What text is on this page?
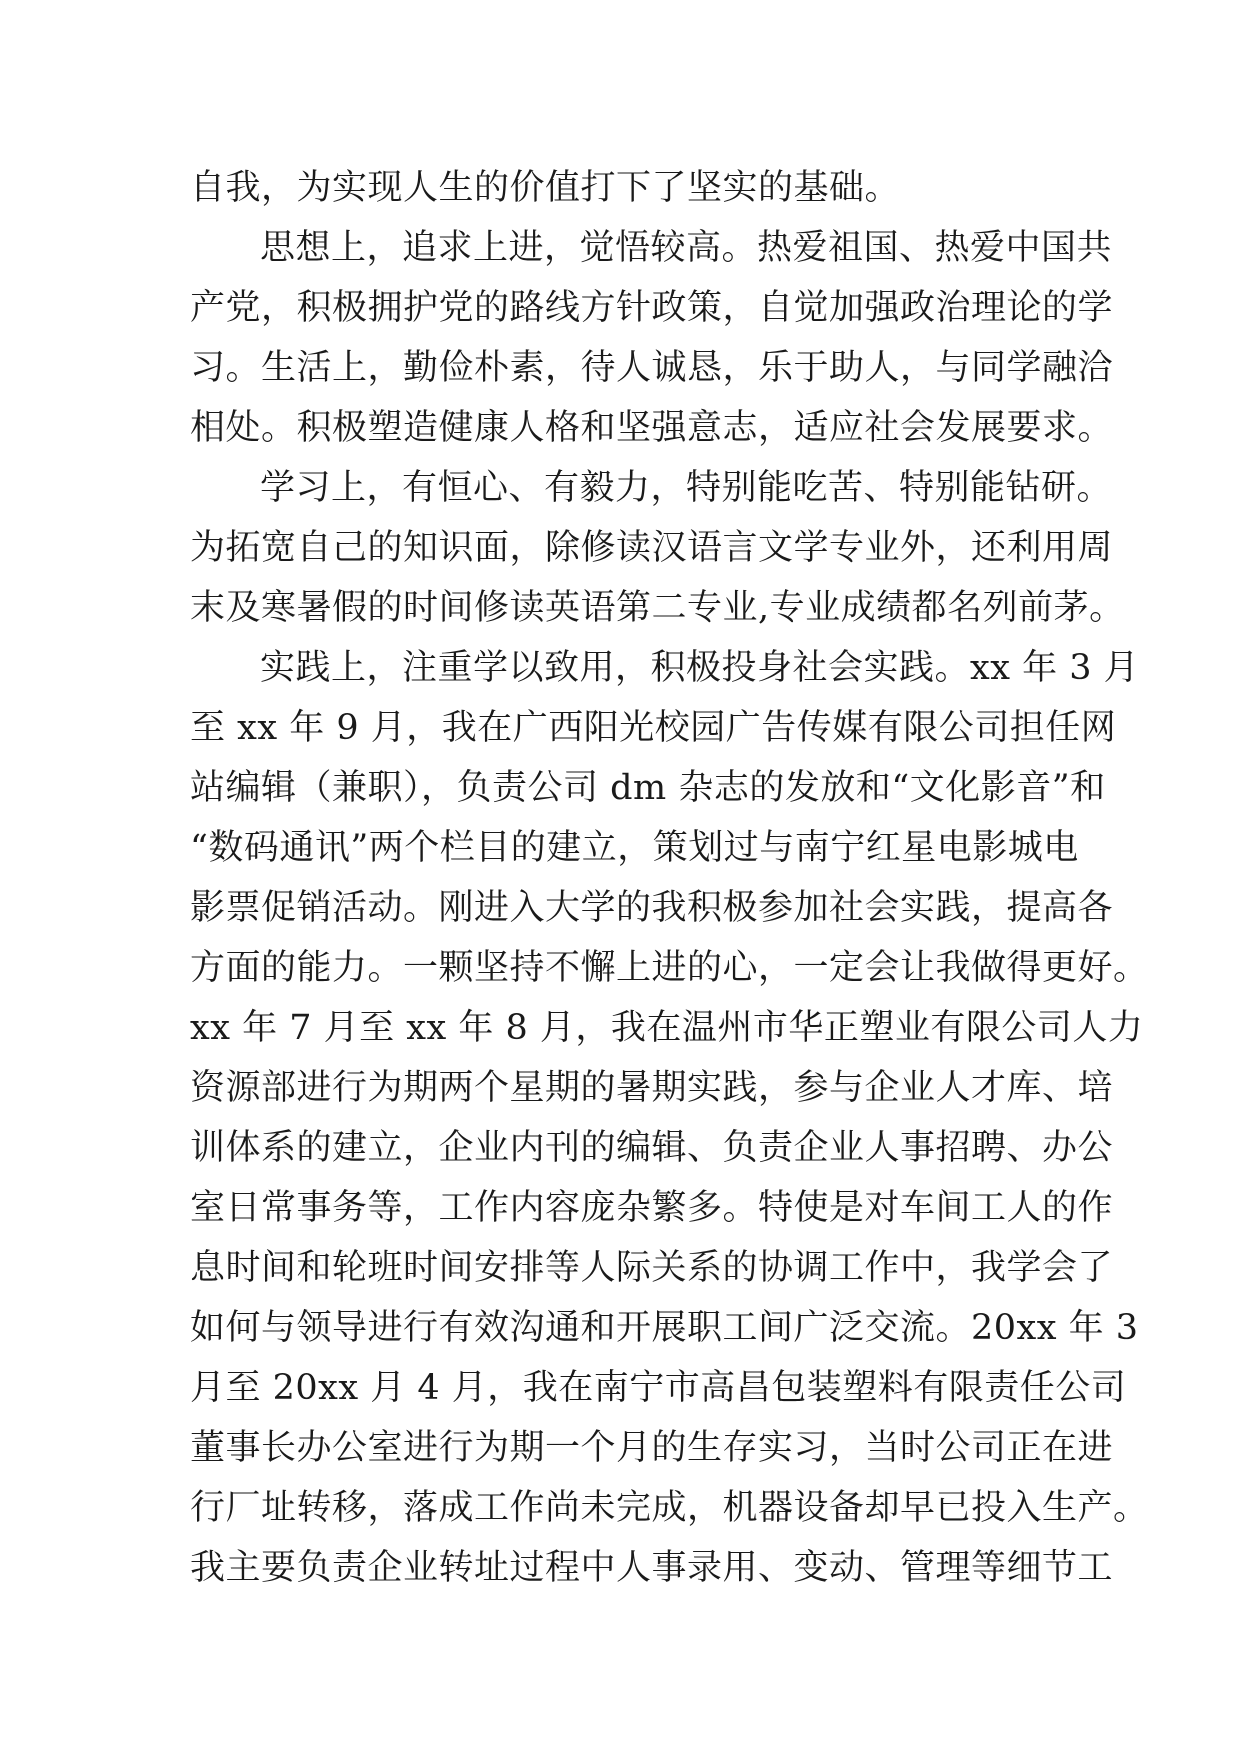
自我，为实现人生的价值打下了坚实的基础。
思想上，追求上进，觉悟较高。热爱祖国、热爱中国共
产党，积极拥护党的路线方针政策，自觉加强政治理论的学
习。生活上，勤俭朴素，待人诚恳，乐于助人，与同学融洽
相处。积极塑造健康人格和坚强意志，适应社会发展要求。
学习上，有恒心、有毅力，特别能吃苦、特别能钻研。
为拓宽自己的知识面，除修读汉语言文学专业外，还利用周
末及寒暑假的时间修读英语第二专业,专业成绩都名列前茅。
实践上，注重学以致用，积极投身社会实践。xx 年 3 月
至 xx 年 9 月，我在广西阳光校园广告传媒有限公司担任网
站编辑（兼职），负责公司 dm 杂志的发放和“文化影音”和
“数码通讯”两个栏目的建立，策划过与南宁红星电影城电
影票促销活动。刚进入大学的我积极参加社会实践，提高各
方面的能力。一颗坚持不懈上进的心，一定会让我做得更好。
xx 年 7 月至 xx 年 8 月，我在温州市华正塑业有限公司人力
资源部进行为期两个星期的暑期实践，参与企业人才库、培
训体系的建立，企业内刊的编辑、负责企业人事招聘、办公
室日常事务等，工作内容庞杂繁多。特使是对车间工人的作
息时间和轮班时间安排等人际关系的协调工作中，我学会了
如何与领导进行有效沟通和开展职工间广泛交流。20xx 年 3
月至 20xx 月 4 月，我在南宁市高昌包装塑料有限责任公司
董事长办公室进行为期一个月的生存实习，当时公司正在进
行厂址转移，落成工作尚未完成，机器设备却早已投入生产。
我主要负责企业转址过程中人事录用、变动、管理等细节工
